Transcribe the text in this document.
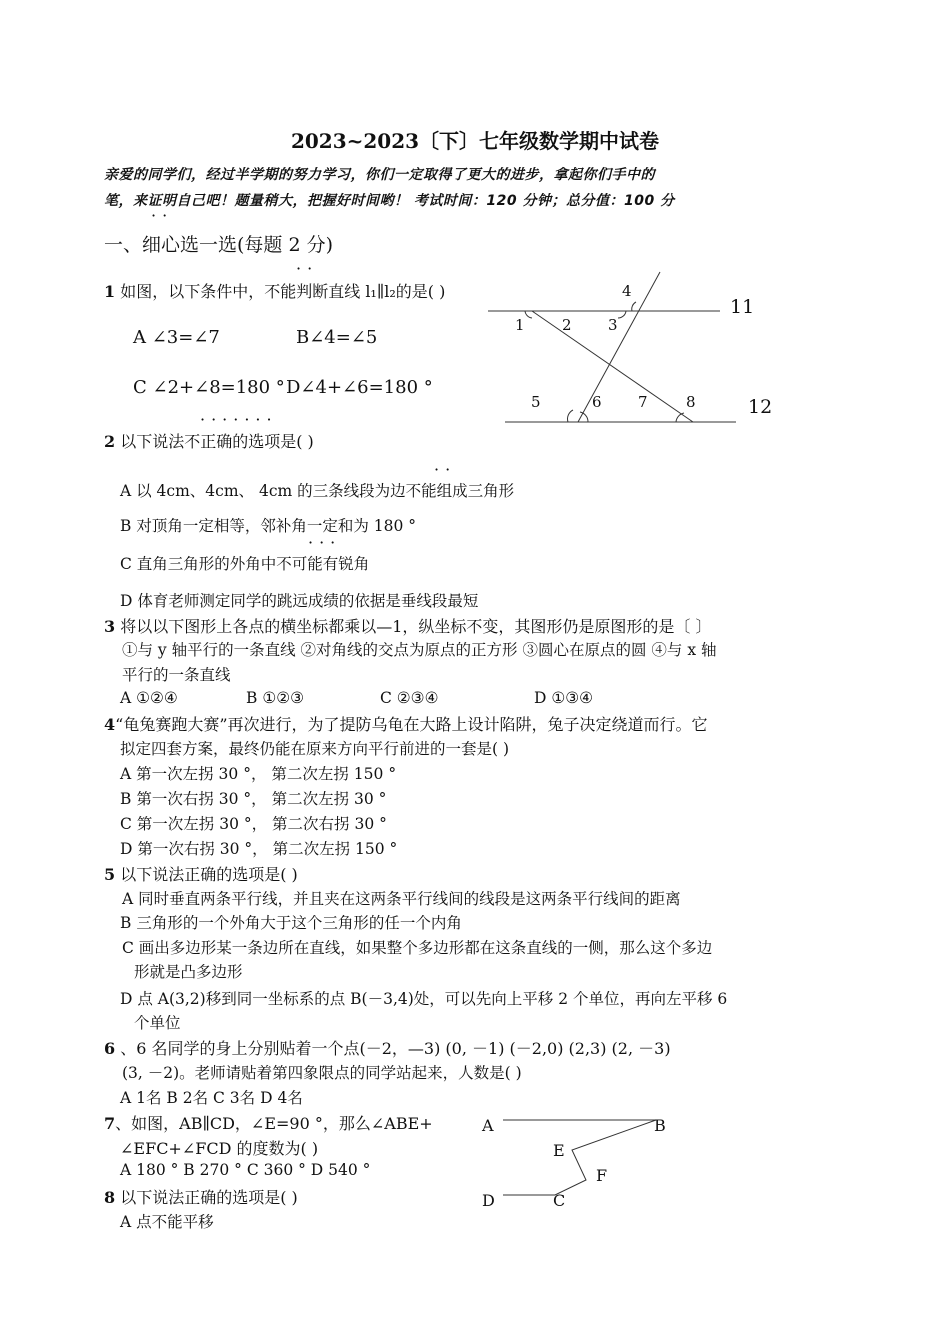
2023~2023〔下〕七年级数学期中试卷
亲爱的同学们，经过半学期的努力学习，你们一定取得了更大的进步，拿起你们手中的
笔，来证明自己吧！题量稍大，把握好时间哟！ 考试时间：120 分钟；总分值：100 分
··
一、细心选一选(每题 2 分)
1 如图，以下条件中，不能判断直线 l₁∥l₂的是( )
··
A ∠3=∠7	B∠4=∠5
C ∠2+∠8=180 ° D∠4+∠6=180 °
11
12
1 2 3
4
5	6 7	8
·······
2 以下说法不正确的选项是( )
··
A 以 4cm、4cm、 4cm 的三条线段为边不能组成三角形
B 对顶角一定相等，邻补角一定和为 180 °
···
C 直角三角形的外角中不可能有锐角
D 体育老师测定同学的跳远成绩的依据是垂线段最短
3 将以以下图形上各点的横坐标都乘以—1，纵坐标不变，其图形仍是原图形的是〔 〕
①与 y 轴平行的一条直线 ②对角线的交点为原点的正方形 ③圆心在原点的圆 ④与 x 轴
平行的一条直线
A ①②④	B ①②③	C ②③④	D ①③④
4“龟兔赛跑大赛”再次进行，为了提防乌龟在大路上设计陷阱，兔子决定绕道而行。它
拟定四套方案，最终仍能在原来方向平行前进的一套是( )
A 第一次左拐 30 °， 第二次左拐 150 °
B 第一次右拐 30 °， 第二次左拐 30 °
C 第一次左拐 30 °， 第二次右拐 30 °
D 第一次右拐 30 °， 第二次左拐 150 °
5 以下说法正确的选项是( )
A 同时垂直两条平行线，并且夹在这两条平行线间的线段是这两条平行线间的距离
B 三角形的一个外角大于这个三角形的任一个内角
C 画出多边形某一条边所在直线，如果整个多边形都在这条直线的一侧，那么这个多边
形就是凸多边形
D 点 A(3,2)移到同一坐标系的点 B(－3,4)处，可以先向上平移 2 个单位，再向左平移 6
个单位
6 、6 名同学的身上分别贴着一个点(－2，—3) (0, －1) (－2,0) (2,3) (2, －3)
(3, －2)。老师请贴着第四象限点的同学站起来，人数是( )
A 1名 B 2名 C 3名 D 4名
7、如图，AB∥CD，∠E=90 °，那么∠ABE+
∠EFC+∠FCD 的度数为( )
A 180 ° B 270 ° C 360 ° D 540 °
A	B
E
F
D	C
8 以下说法正确的选项是( )
A 点不能平移
